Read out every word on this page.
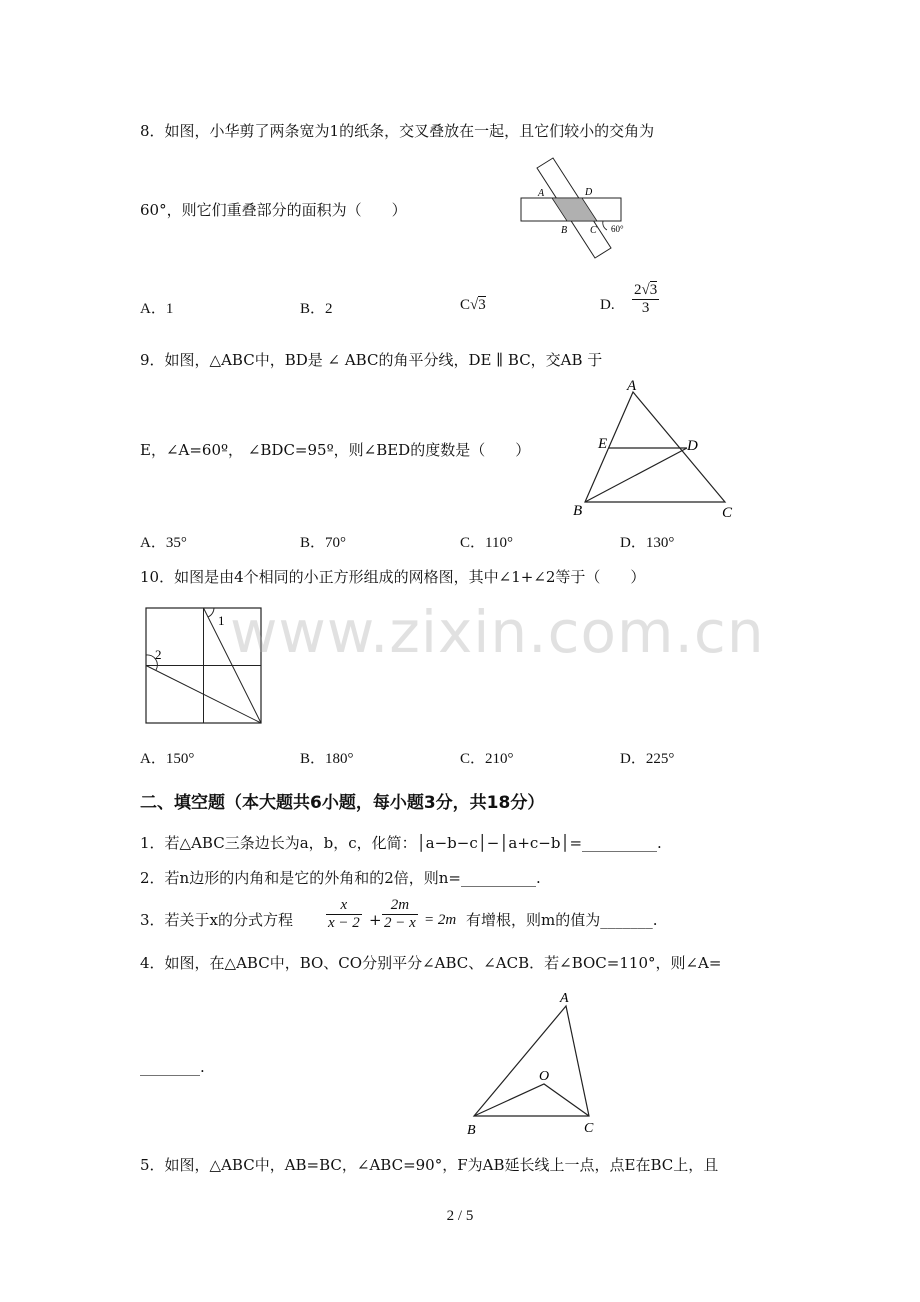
8．如图，小华剪了两条宽为1的纸条，交叉叠放在一起，且它们较小的交角为
60°，则它们重叠部分的面积为（　　）
A	D
B C 60°
A．1	B．2	C√3	D. $\frac{2√3}{3}$
9．如图，△ABC中，BD是 ∠ ABC的角平分线，DE ∥ BC，交AB 于
E，∠A=60º， ∠BDC=95º，则∠BED的度数是（　　）
A
E	D
B	C
A．35°	B．70°	C．110°	D．130°
10．如图是由4个相同的小正方形组成的网格图，其中∠1+∠2等于（　　）
1
2 www.zixin.com.cn
A．150°	B．180°	C．210°	D．225°
二、填空题（本大题共6小题，每小题3分，共18分）
1．若△ABC三条边长为a，b，c，化简：│a−b−c│−│a+c−b│=__________.
2．若n边形的内角和是它的外角和的2倍，则n=__________.
3．若关于x的分式方程 $\frac{x}{x - 2} + \frac{2m}{2 - x} = 2m$ 有增根，则m的值为_______.
4．如图，在△ABC中，BO、CO分别平分∠ABC、∠ACB．若∠BOC=110°，则∠A=
________.
A
O
B	C
5．如图，△ABC中，AB=BC，∠ABC=90°，F为AB延长线上一点，点E在BC上，且
2 / 5
